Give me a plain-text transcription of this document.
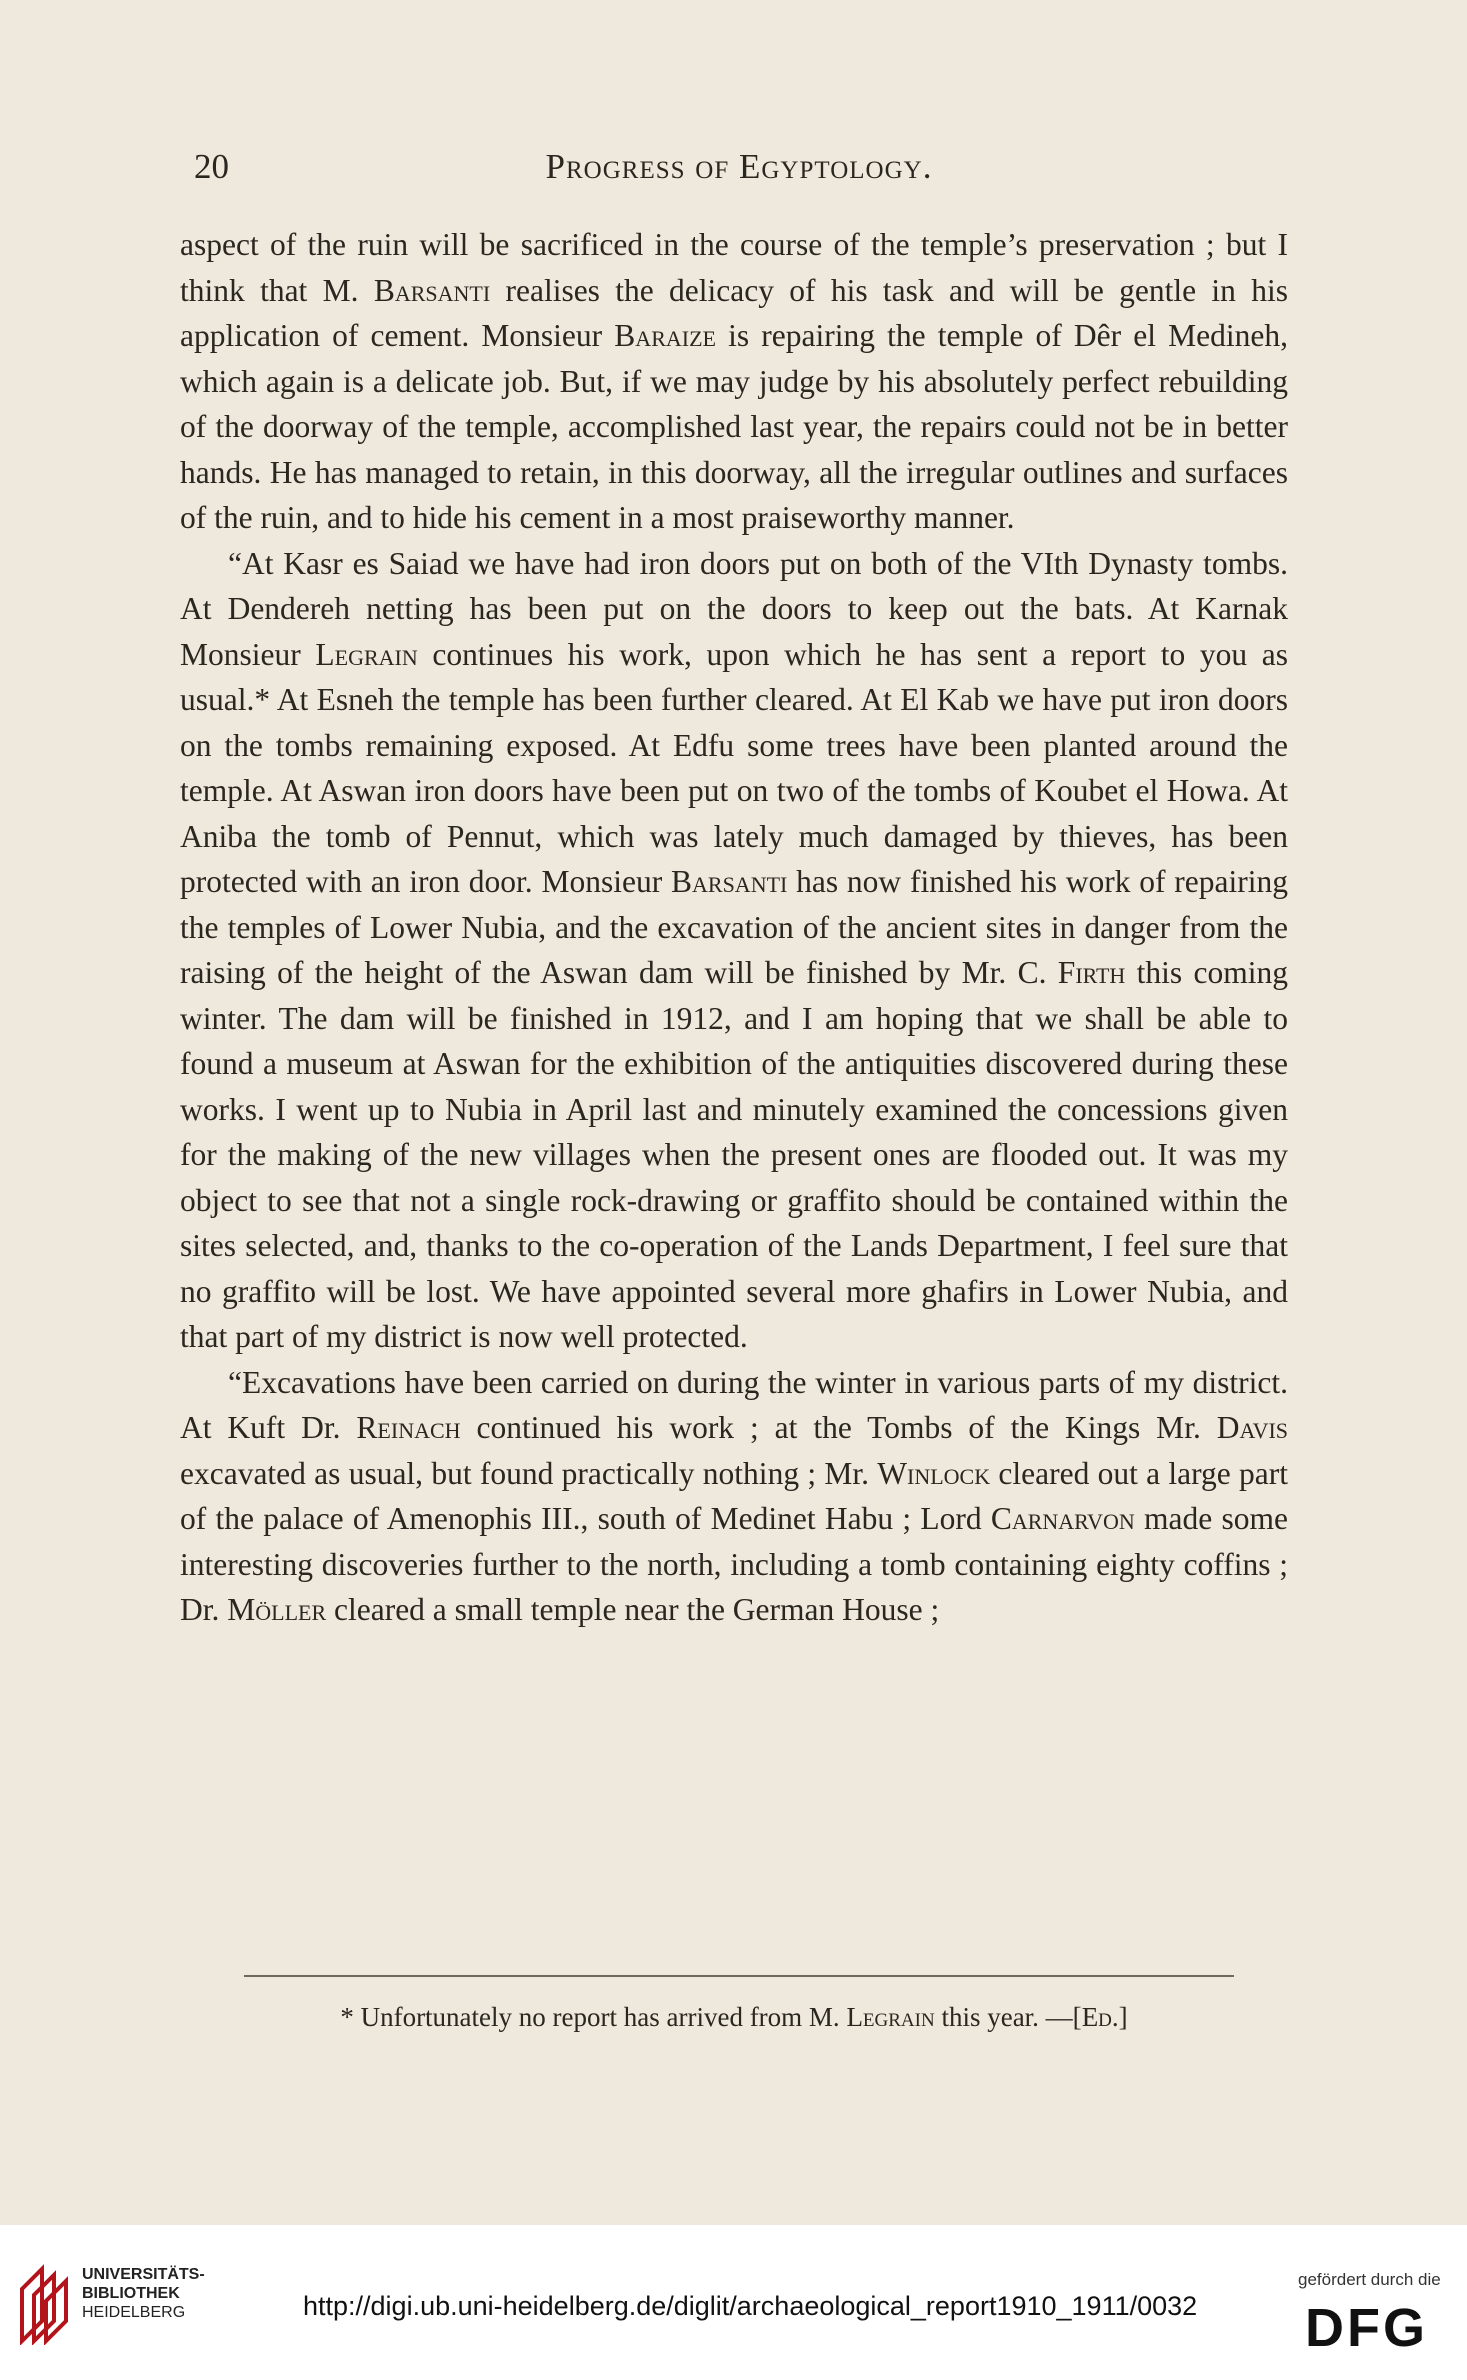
20	Progress of Egyptology.

aspect of the ruin will be sacrificed in the course of the temple’s preservation ; but I think that M. Barsanti realises the delicacy of his task and will be gentle in his application of cement. Monsieur Baraize is repairing the temple of Dêr el Medineh, which again is a delicate job. But, if we may judge by his absolutely perfect rebuilding of the doorway of the temple, accomplished last year, the repairs could not be in better hands. He has managed to retain, in this doorway, all the irregular outlines and surfaces of the ruin, and to hide his cement in a most praiseworthy manner.

“At Kasr es Saiad we have had iron doors put on both of the VIth Dynasty tombs. At Dendereh netting has been put on the doors to keep out the bats. At Karnak Monsieur Legrain continues his work, upon which he has sent a report to you as usual.* At Esneh the temple has been further cleared. At El Kab we have put iron doors on the tombs remaining exposed. At Edfu some trees have been planted around the temple. At Aswan iron doors have been put on two of the tombs of Koubet el Howa. At Aniba the tomb of Pennut, which was lately much damaged by thieves, has been protected with an iron door. Monsieur Barsanti has now finished his work of repairing the temples of Lower Nubia, and the excavation of the ancient sites in danger from the raising of the height of the Aswan dam will be finished by Mr. C. Firth this coming winter. The dam will be finished in 1912, and I am hoping that we shall be able to found a museum at Aswan for the exhibition of the antiquities discovered during these works. I went up to Nubia in April last and minutely examined the concessions given for the making of the new villages when the present ones are flooded out. It was my object to see that not a single rock-drawing or graffito should be contained within the sites selected, and, thanks to the co-operation of the Lands Department, I feel sure that no graffito will be lost. We have appointed several more ghafirs in Lower Nubia, and that part of my district is now well protected.

“Excavations have been carried on during the winter in various parts of my district. At Kuft Dr. Reinach continued his work ; at the Tombs of the Kings Mr. Davis excavated as usual, but found practically nothing ; Mr. Winlock cleared out a large part of the palace of Amenophis III., south of Medinet Habu ; Lord Carnarvon made some interesting discoveries further to the north, including a tomb containing eighty coffins ; Dr. Möller cleared a small temple near the German House ;

* Unfortunately no report has arrived from M. Legrain this year. —[Ed.]
UNIVERSITÄTS-
BIBLIOTHEK
HEIDELBERG	http://digi.ub.uni-heidelberg.de/diglit/archaeological_report1910_1911/0032
gefördert durch die
DFG
